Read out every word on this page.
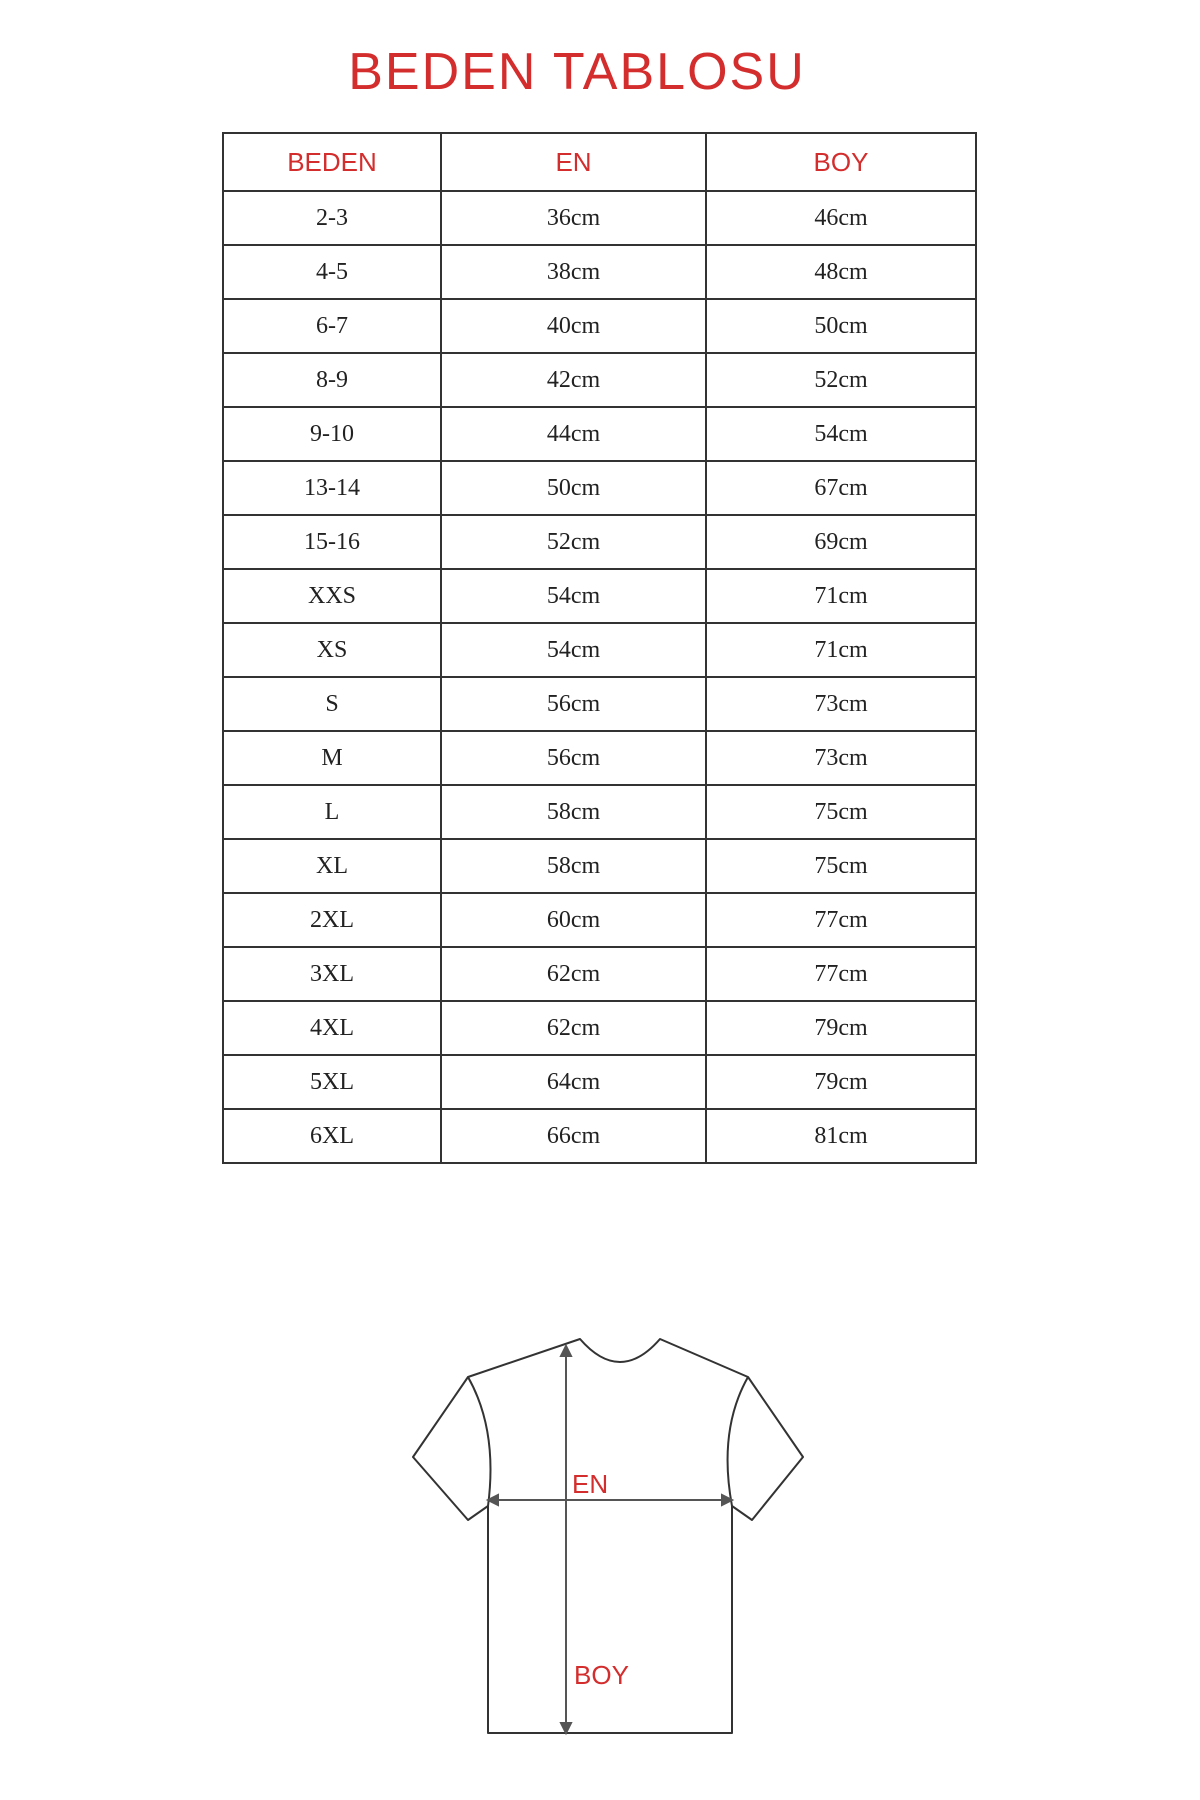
BEDEN TABLOSU
BEDEN	EN	BOY
2-3	36cm	46cm
4-5	38cm	48cm
6-7	40cm	50cm
8-9	42cm	52cm
9-10	44cm	54cm
13-14	50cm	67cm
15-16	52cm	69cm
XXS	54cm	71cm
XS	54cm	71cm
S	56cm	73cm
M	56cm	73cm
L	58cm	75cm
XL	58cm	75cm
2XL	60cm	77cm
3XL	62cm	77cm
4XL	62cm	79cm
5XL	64cm	79cm
6XL	66cm	81cm
EN
BOY
